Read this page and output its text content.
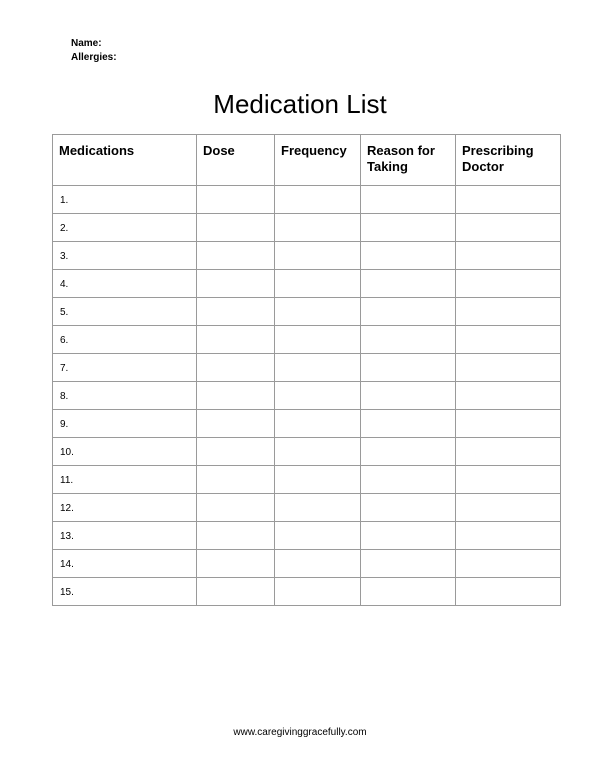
Name:
Allergies:
Medication List
Medications	Dose	Frequency	Reason for Taking	Prescribing Doctor
1.				
2.				
3.				
4.				
5.				
6.				
7.				
8.				
9.				
10.				
11.				
12.				
13.				
14.				
15.				
www.caregivinggracefully.com
